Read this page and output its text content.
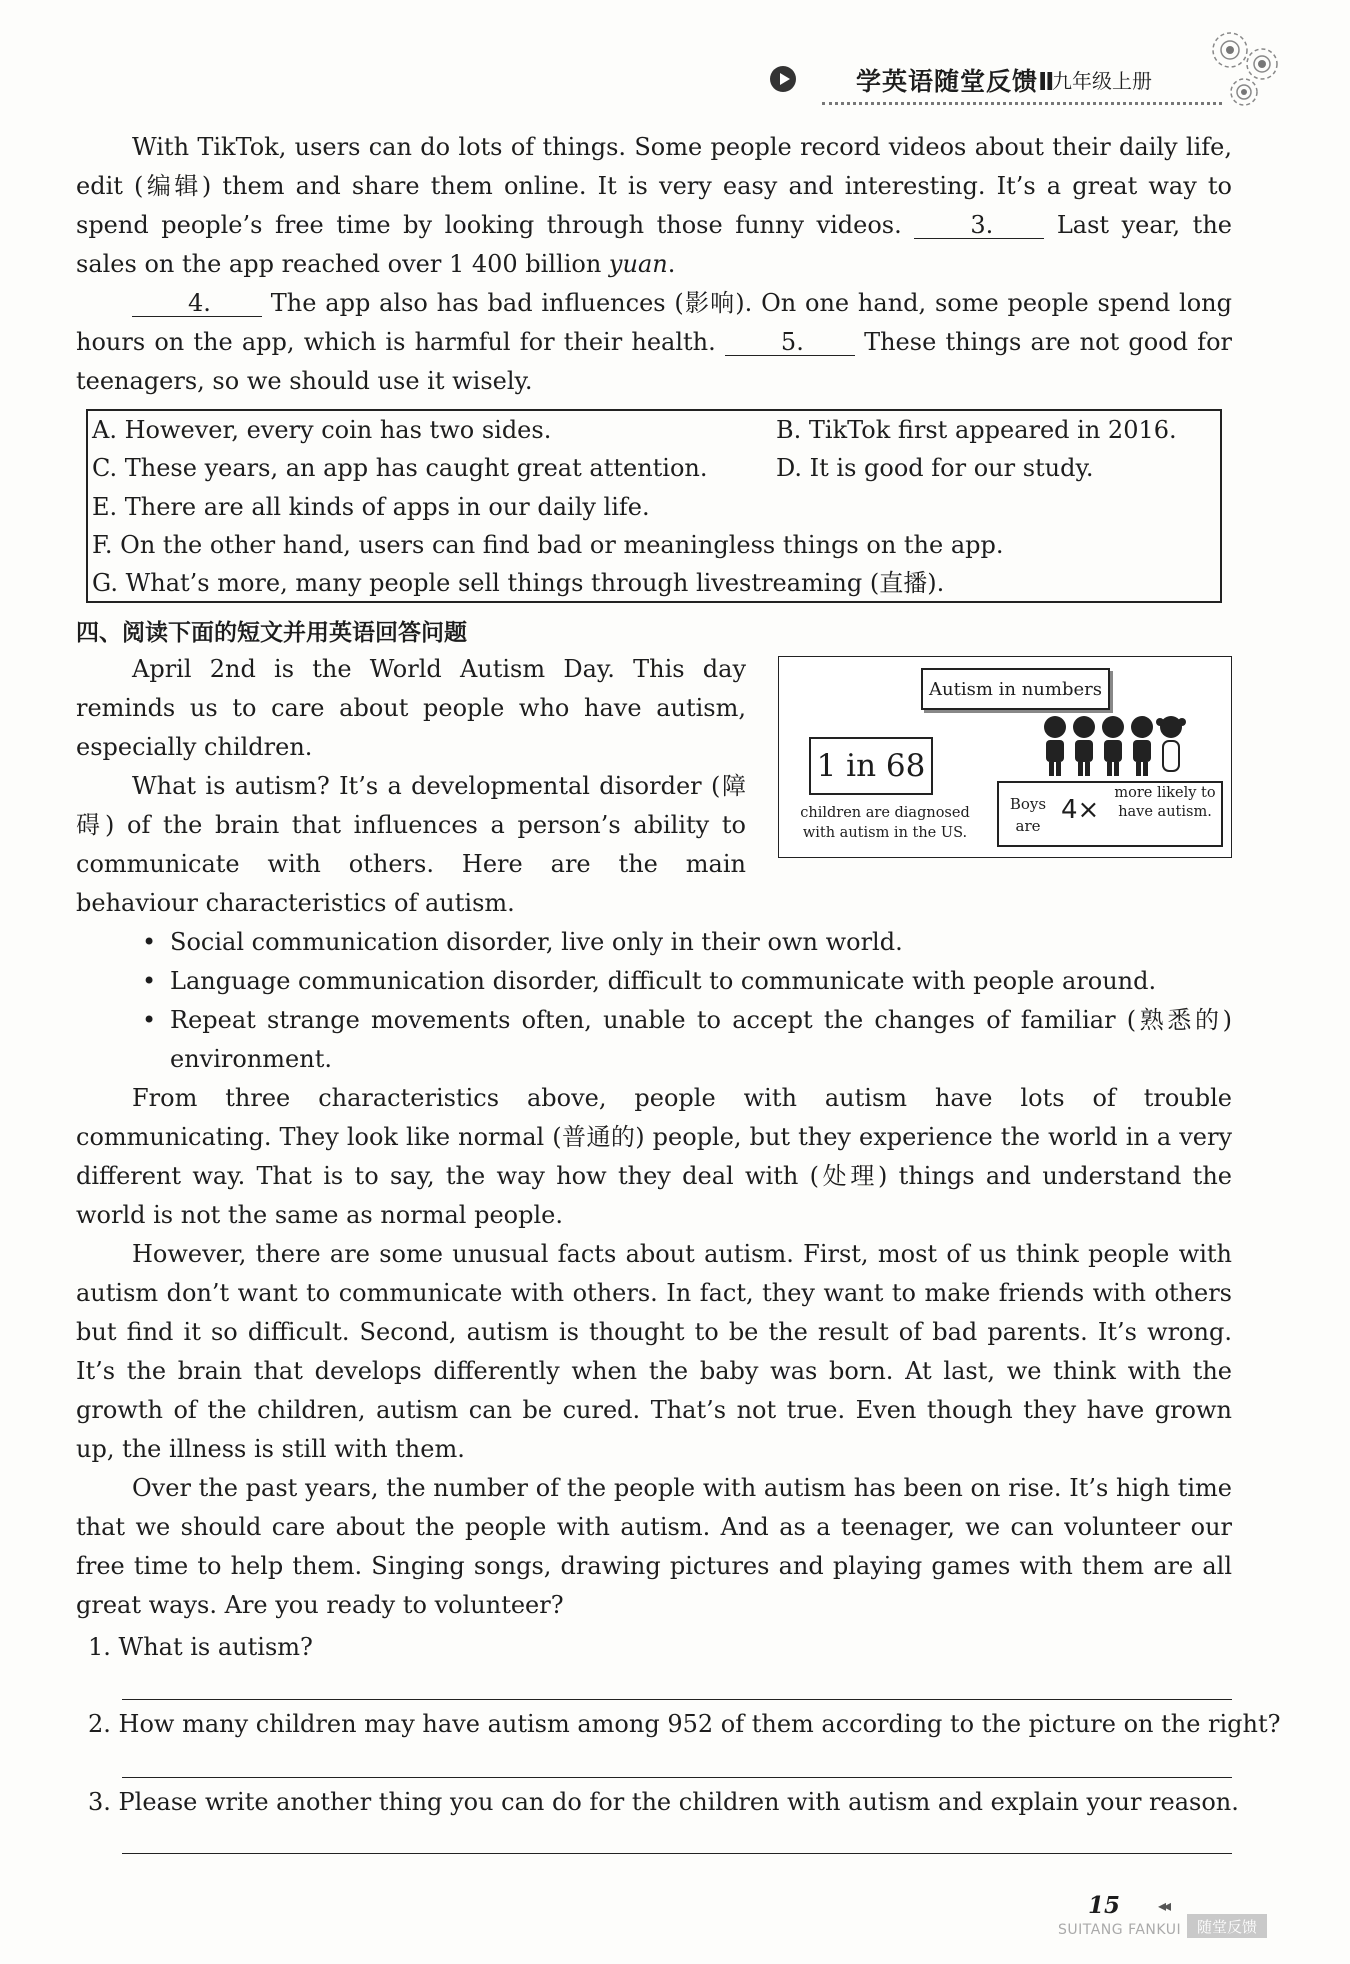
学英语随堂反馈Ⅱ
九年级上册

With TikTok, users can do lots of things. Some people record videos about their daily life, edit (编辑) them and share them online. It is very easy and interesting. It’s a great way to spend people’s free time by looking through those funny videos.	3. Last year, the sales on the app reached over 1 400 billion yuan.

4. The app also has bad influences (影响). On one hand, some people spend long hours on the app, which is harmful for their health.	5. These things are not good for teenagers, so we should use it wisely.

A. However, every coin has two sides.	B. TikTok first appeared in 2016.
C. These years, an app has caught great attention.	D. It is good for our study.
E. There are all kinds of apps in our daily life.
F. On the other hand, users can find bad or meaningless things on the app.
G. What’s more, many people sell things through livestreaming (直播).
四、阅读下面的短文并用英语回答问题

April 2nd is the World Autism Day. This day reminds us to care about people who have autism, especially children.

What is autism? It’s a developmental disorder (障碍) of the brain that influences a person’s ability to communicate with others. Here are the main behaviour characteristics of autism.

Autism in numbers
1 in 68
children are diagnosed with autism in the US.
Boys are
4×
more likely to have autism.

• Social communication disorder, live only in their own world.

• Language communication disorder, difficult to communicate with people around.

• Repeat strange movements often, unable to accept the changes of familiar (熟悉的) environment.

From three characteristics above, people with autism have lots of trouble communicating. They look like normal (普通的) people, but they experience the world in a very different way. That is to say, the way how they deal with (处理) things and understand the world is not the same as normal people.

However, there are some unusual facts about autism. First, most of us think people with autism don’t want to communicate with others. In fact, they want to make friends with others but find it so difficult. Second, autism is thought to be the result of bad parents. It’s wrong. It’s the brain that develops differently when the baby was born. At last, we think with the growth of the children, autism can be cured. That’s not true. Even though they have grown up, the illness is still with them.

Over the past years, the number of the people with autism has been on rise. It’s high time that we should care about the people with autism. And as a teenager, we can volunteer our free time to help them. Singing songs, drawing pictures and playing games with them are all great ways. Are you ready to volunteer?

1. What is autism?
2. How many children may have autism among 952 of them according to the picture on the right?
3. Please write another thing you can do for the children with autism and explain your reason.
15 ◂◂
SUITANG FANKUI	随堂反馈
